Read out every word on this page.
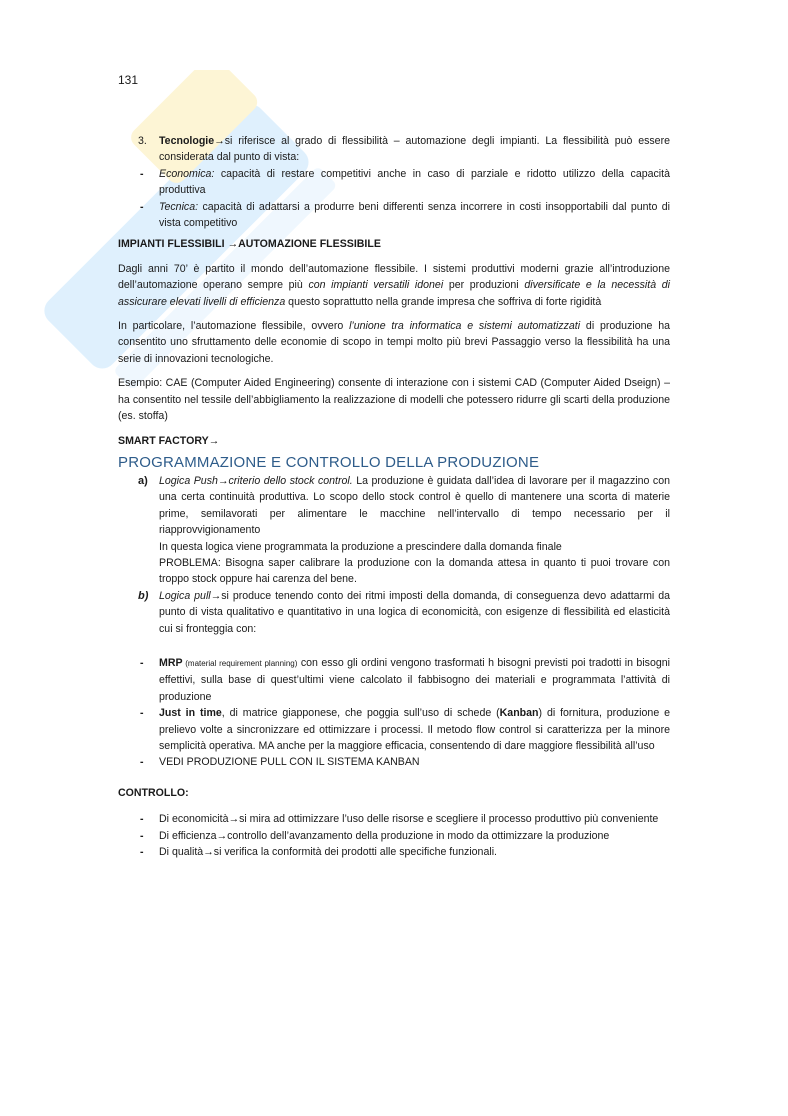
131
3.	Tecnologie→si riferisce al grado di flessibilità – automazione degli impianti. La flessibilità può essere considerata dal punto di vista:
-	Economica: capacità di restare competitivi anche in caso di parziale e ridotto utilizzo della capacità produttiva
-	Tecnica: capacità di adattarsi a produrre beni differenti senza incorrere in costi insopportabili dal punto di vista competitivo

IMPIANTI FLESSIBILI →AUTOMAZIONE FLESSIBILE

Dagli anni 70’ è partito il mondo dell’automazione flessibile. I sistemi produttivi moderni grazie all’introduzione dell’automazione operano sempre più con impianti versatili idonei per produzioni diversificate e la necessità di assicurare elevati livelli di efficienza questo soprattutto nella grande impresa che soffriva di forte rigidità

In particolare, l’automazione flessibile, ovvero l’unione tra informatica e sistemi automatizzati di produzione ha consentito uno sfruttamento delle economie di scopo in tempi molto più brevi Passaggio verso la flessibilità ha una serie di innovazioni tecnologiche.

Esempio: CAE (Computer Aided Engineering) consente di interazione con i sistemi CAD (Computer Aided Dseign) – ha consentito nel tessile dell’abbigliamento la realizzazione di modelli che potessero ridurre gli scarti della produzione (es. stoffa)

SMART FACTORY→

PROGRAMMAZIONE E CONTROLLO DELLA PRODUZIONE
a)	Logica Push→criterio dello stock control. La produzione è guidata dall’idea di lavorare per il magazzino con una certa continuità produttiva. Lo scopo dello stock control è quello di mantenere una scorta di materie prime, semilavorati per alimentare le macchine nell’intervallo di tempo necessario per il riapprovvigionamento
In questa logica viene programmata la produzione a prescindere dalla domanda finale
PROBLEMA: Bisogna saper calibrare la produzione con la domanda attesa in quanto ti puoi trovare con troppo stock oppure hai carenza del bene.
b)	Logica pull→si produce tenendo conto dei ritmi imposti della domanda, di conseguenza devo adattarmi da punto di vista qualitativo e quantitativo in una logica di economicità, con esigenze di flessibilità ed elasticità cui si fronteggia con:
-	MRP (material requirement planning) con esso gli ordini vengono trasformati h bisogni previsti poi tradotti in bisogni effettivi, sulla base di quest’ultimi viene calcolato il fabbisogno dei materiali e programmata l’attività di produzione
-	Just in time, di matrice giapponese, che poggia sull’uso di schede (Kanban) di fornitura, produzione e prelievo volte a sincronizzare ed ottimizzare i processi. Il metodo flow control si caratterizza per la minore semplicità operativa. MA anche per la maggiore efficacia, consentendo di dare maggiore flessibilità all’uso
-	VEDI PRODUZIONE PULL CON IL SISTEMA KANBAN

CONTROLLO:

-	Di economicità→si mira ad ottimizzare l’uso delle risorse e scegliere il processo produttivo più conveniente
-	Di efficienza→controllo dell’avanzamento della produzione in modo da ottimizzare la produzione
-	Di qualità→si verifica la conformità dei prodotti alle specifiche funzionali.
